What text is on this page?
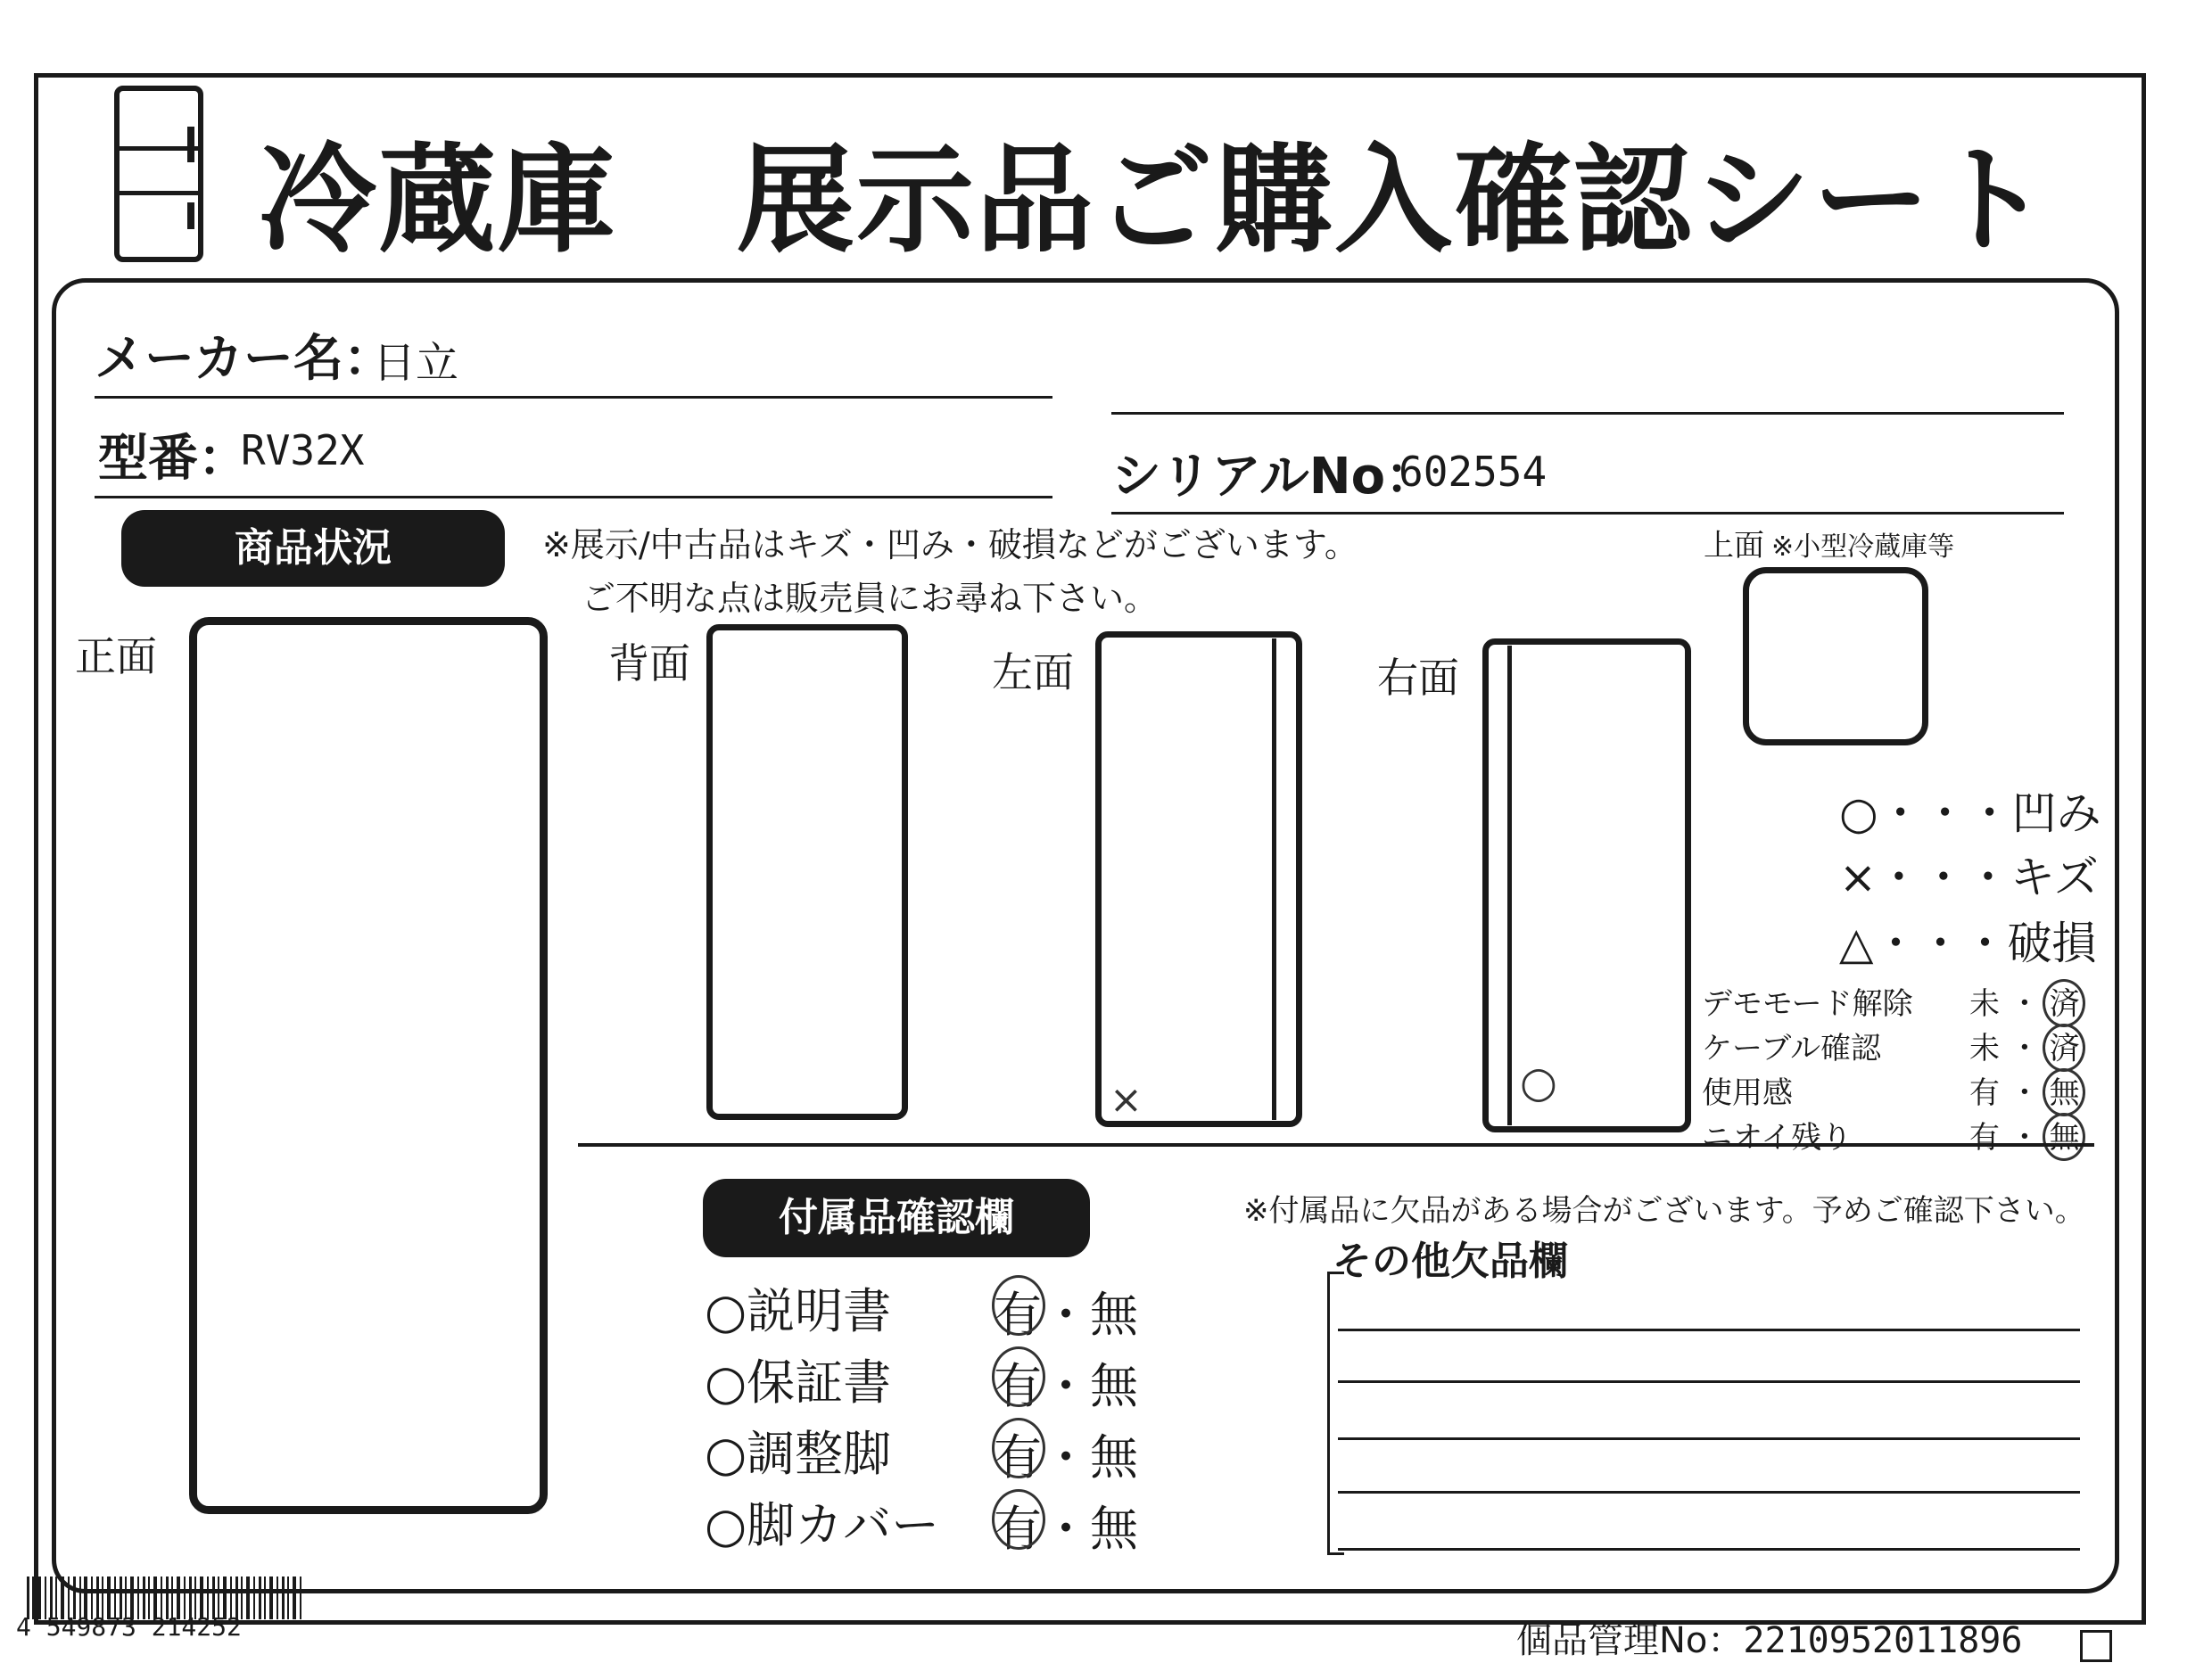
冷蔵庫　展示品ご購入確認シート
メーカー名：
日立
型番：
RV32X	シリアルNo：
602554
商品状況	※展示/中古品はキズ・凹み・破損などがございます。
ご不明な点は販売員にお尋ね下さい。
正面	背面	左面
×
右面
○
上面 ※小型冷蔵庫等
○・・・凹み
×・・・キズ
△・・・破損
デモモード解除 未 ・ 済
ケーブル確認	未 ・ 済
使用感	有 ・ 無
ニオイ残り	有 ・ 無
付属品確認欄	※付属品に欠品がある場合がございます。予めご確認下さい。
その他欠品欄
○説明書 有・無
○保証書 有・無
○調整脚 有・無
○脚カバー 有・無
4 549873 214252	個品管理No：2210952011896
